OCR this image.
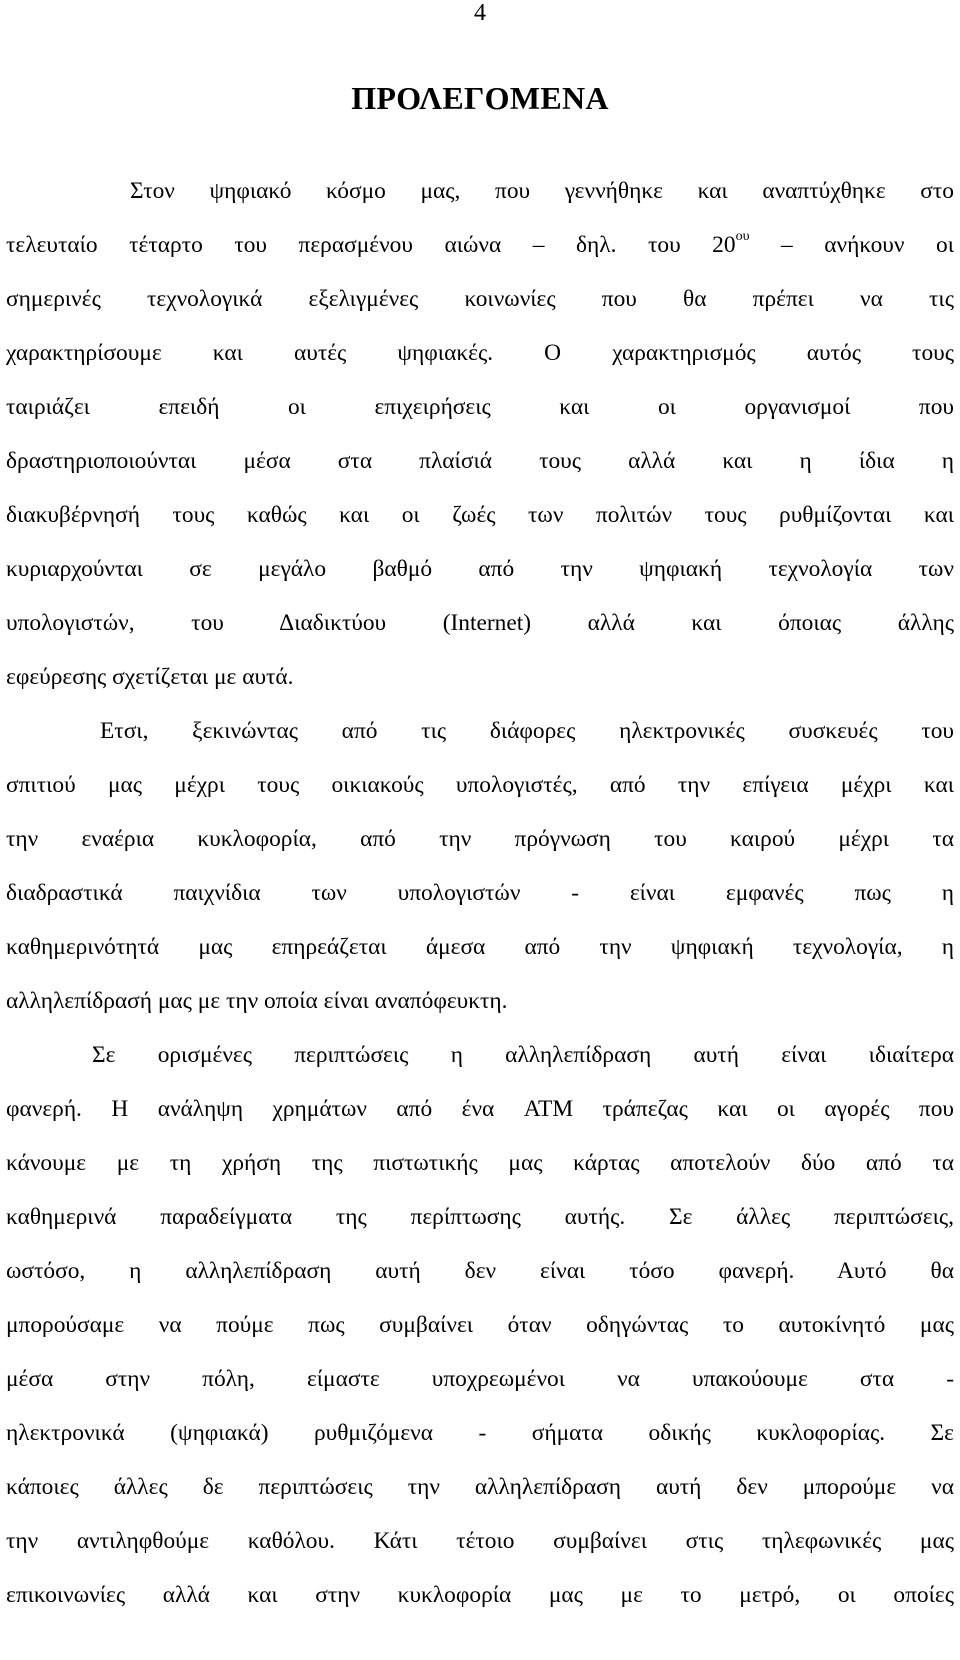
4
ΠΡΟΛΕΓΟΜΕΝΑ
Στον ψηφιακό κόσμο μας, που γεννήθηκε και αναπτύχθηκε στο
τελευταίο τέταρτο του περασμένου αιώνα – δηλ. του $20^{o\upsilon}$ – ανήκουν οι
σημερινές τεχνολογικά εξελιγμένες κοινωνίες που θα πρέπει να τις
χαρακτηρίσουμε και αυτές ψηφιακές. Ο χαρακτηρισμός αυτός τους
ταιριάζει επειδή οι επιχειρήσεις και οι οργανισμοί που
δραστηριοποιούνται μέσα στα πλαίσιά τους αλλά και η ίδια η
διακυβέρνησή τους καθώς και οι ζωές των πολιτών τους ρυθμίζονται και
κυριαρχούνται σε μεγάλο βαθμό από την ψηφιακή τεχνολογία των
υπολογιστών, του Διαδικτύου (Internet) αλλά και όποιας άλλης
εφεύρεσης σχετίζεται με αυτά.
Ετσι, ξεκινώντας από τις διάφορες ηλεκτρονικές συσκευές του
σπιτιού μας μέχρι τους οικιακούς υπολογιστές, από την επίγεια μέχρι και
την εναέρια κυκλοφορία, από την πρόγνωση του καιρού μέχρι τα
διαδραστικά παιχνίδια των υπολογιστών - είναι εμφανές πως η
καθημερινότητά μας επηρεάζεται άμεσα από την ψηφιακή τεχνολογία, η
αλληλεπίδρασή μας με την οποία είναι αναπόφευκτη.
Σε ορισμένες περιπτώσεις η αλληλεπίδραση αυτή είναι ιδιαίτερα
φανερή. Η ανάληψη χρημάτων από ένα ATM τράπεζας και οι αγορές που
κάνουμε με τη χρήση της πιστωτικής μας κάρτας αποτελούν δύο από τα
καθημερινά παραδείγματα της περίπτωσης αυτής. Σε άλλες περιπτώσεις,
ωστόσο, η αλληλεπίδραση αυτή δεν είναι τόσο φανερή. Αυτό θα
μπορούσαμε να πούμε πως συμβαίνει όταν οδηγώντας το αυτοκίνητό μας
μέσα στην πόλη, είμαστε υποχρεωμένοι να υπακούουμε στα -
ηλεκτρονικά (ψηφιακά) ρυθμιζόμενα - σήματα οδικής κυκλοφορίας. Σε
κάποιες άλλες δε περιπτώσεις την αλληλεπίδραση αυτή δεν μπορούμε να
την αντιληφθούμε καθόλου. Κάτι τέτοιο συμβαίνει στις τηλεφωνικές μας
επικοινωνίες αλλά και στην κυκλοφορία μας με το μετρό, οι οποίες
